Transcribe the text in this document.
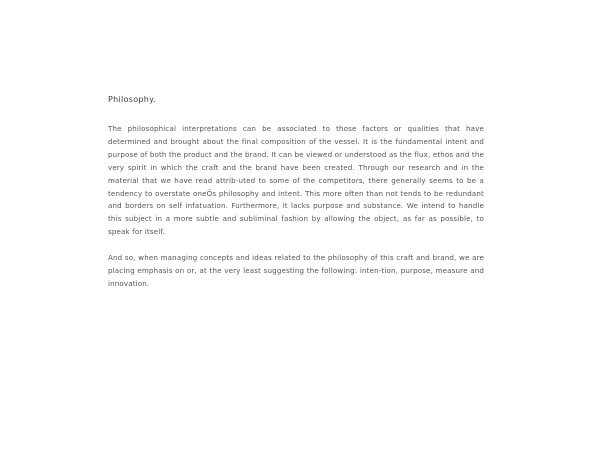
Philosophy.

The philosophical interpretations can be associated to those factors or qualities that have determined and brought about the final composition of the vessel. It is the fundamental intent and purpose of both the product and the brand. It can be viewed or understood as the flux, ethos and the very spirit in which the craft and the brand have been created. Through our research and in the material that we have read attrib-uted to some of the competitors, there generally seems to be a tendency to overstate oneÕs philosophy and intent. This more often than not tends to be redundant and borders on self infatuation. Furthermore, it lacks purpose and substance. We intend to handle this subject in a more subtle and subliminal fashion by allowing the object, as far as possible, to speak for itself.

And so, when managing concepts and ideas related to the philosophy of this craft and brand, we are placing emphasis on or, at the very least suggesting the following: inten-tion, purpose, measure and innovation.
